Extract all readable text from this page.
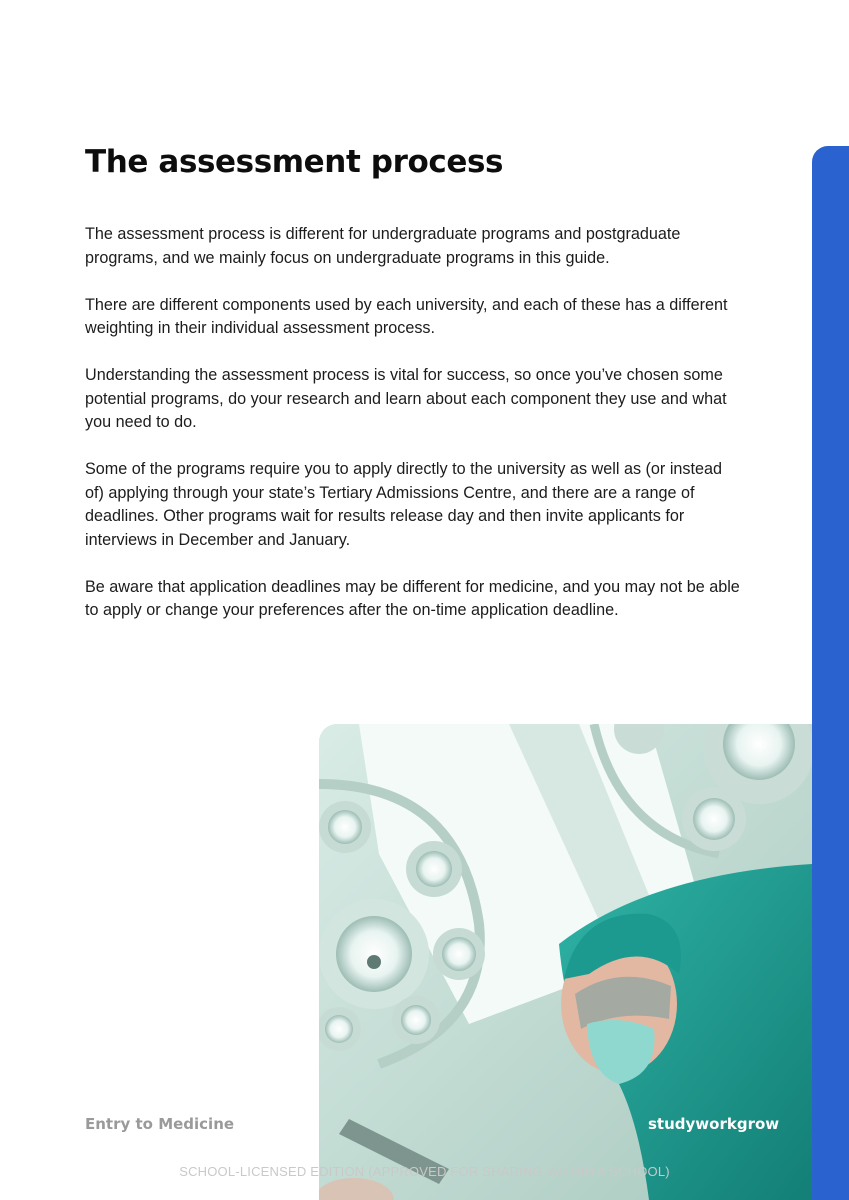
The assessment process

The assessment process is different for undergraduate programs and postgraduate programs, and we mainly focus on undergraduate programs in this guide.

There are different components used by each university, and each of these has a different weighting in their individual assessment process.

Understanding the assessment process is vital for success, so once you’ve chosen some potential programs, do your research and learn about each component they use and what you need to do.

Some of the programs require you to apply directly to the university as well as (or instead of) applying through your state’s Tertiary Admissions Centre, and there are a range of deadlines. Other programs wait for results release day and then invite applicants for interviews in December and January.

Be aware that application deadlines may be different for medicine, and you may not be able to apply or change your preferences after the on-time application deadline.

Entry to Medicine	studyworkgrow
SCHOOL-LICENSED EDITION (APPROVED FOR SHARING WITHIN A SCHOOL)
